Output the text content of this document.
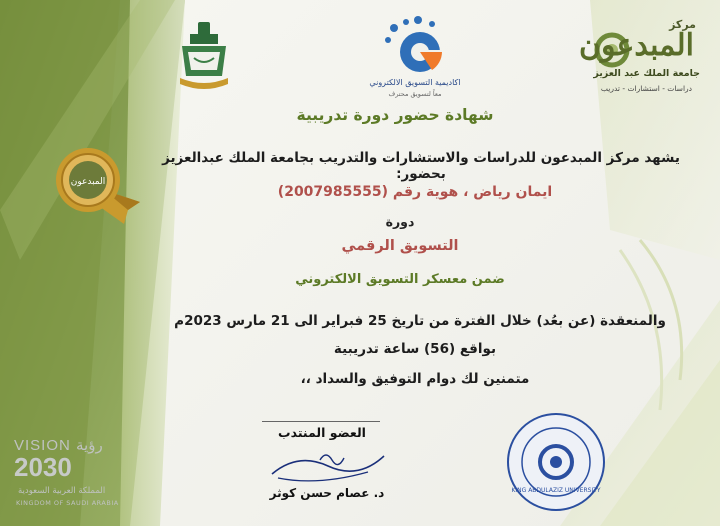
مركز
المبدعون
جامعة الملك عبد العزيز
دراسات - استشارات - تدريب
اكاديمية التسويق الالكتروني
معاً لتسويق محترف
المبدعون
VISION رؤية
2030
المملكة العربية السعودية
KINGDOM OF SAUDI ARABIA
شهادة حضور دورة تدريبية
يشهد مركز المبدعون للدراسات والاستشارات والتدريب بجامعة الملك عبدالعزيز بحضور:
ايمان رياض ، هوية رقم (2007985555)
دورة
التسويق الرقمي
ضمن معسكر التسويق الالكتروني
والمنعقدة (عن بعُد) خلال الفترة من تاريخ 25 فبراير الى 21 مارس 2023م
بواقع (56) ساعة تدريبية
متمنين لك دوام التوفيق والسداد ،،
العضو المنتدب
د. عصام حسن كوثر	KING ABDULAZIZ UNIVERSITY
